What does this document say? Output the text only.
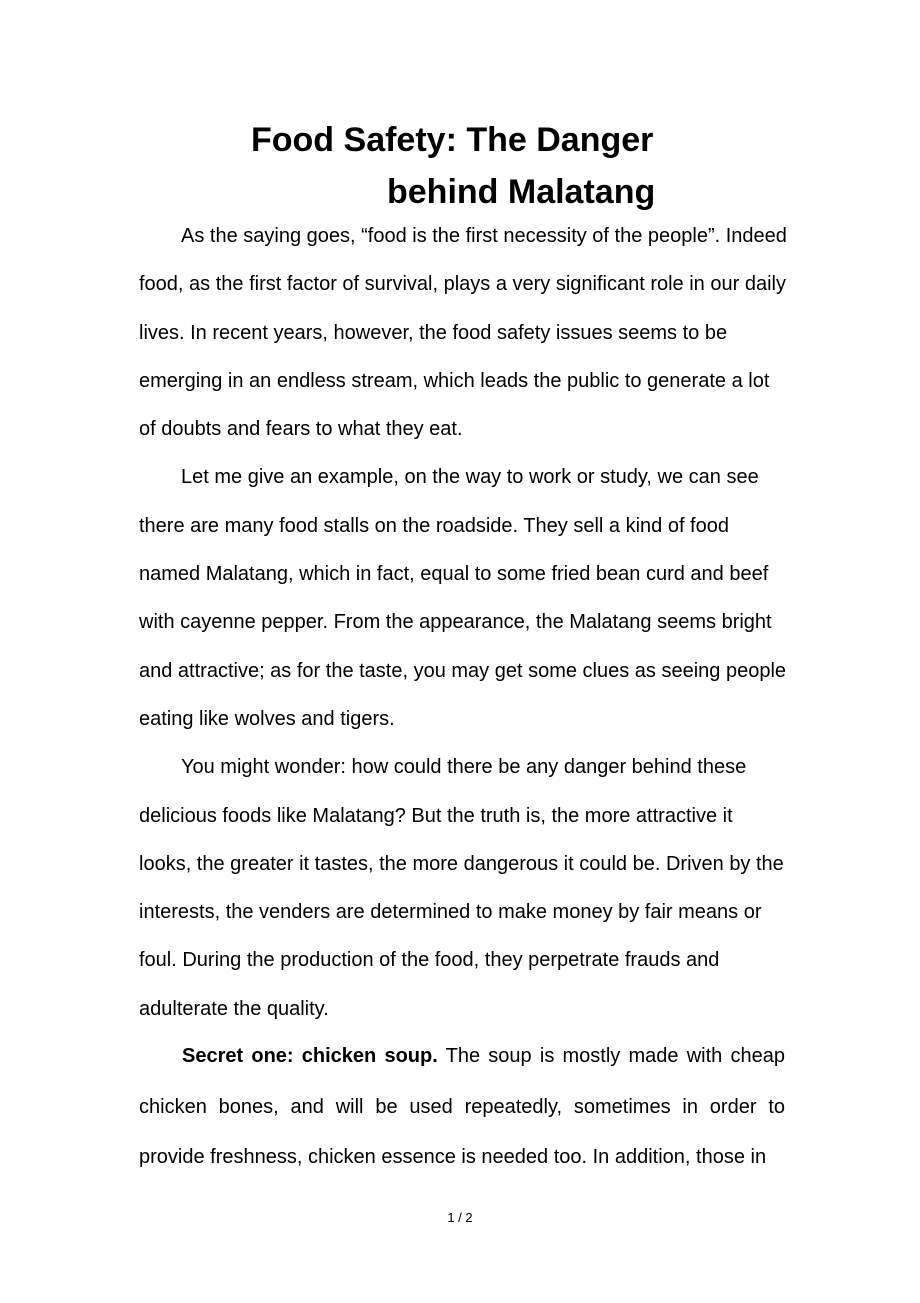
Food Safety: The Danger
behind Malatang

As the saying goes, “food is the first necessity of the people”. Indeed food, as the first factor of survival, plays a very significant role in our daily lives. In recent years, however, the food safety issues seems to be emerging in an endless stream, which leads the public to generate a lot of doubts and fears to what they eat.

Let me give an example, on the way to work or study, we can see there are many food stalls on the roadside. They sell a kind of food named Malatang, which in fact, equal to some fried bean curd and beef with cayenne pepper. From the appearance, the Malatang seems bright and attractive; as for the taste, you may get some clues as seeing people eating like wolves and tigers.

You might wonder: how could there be any danger behind these delicious foods like Malatang? But the truth is, the more attractive it looks, the greater it tastes, the more dangerous it could be. Driven by the interests, the venders are determined to make money by fair means or foul. During the production of the food, they perpetrate frauds and adulterate the quality.

Secret one: chicken soup. The soup is mostly made with cheap chicken bones, and will be used repeatedly, sometimes in order to provide freshness, chicken essence is needed too. In addition, those in

1 / 2
